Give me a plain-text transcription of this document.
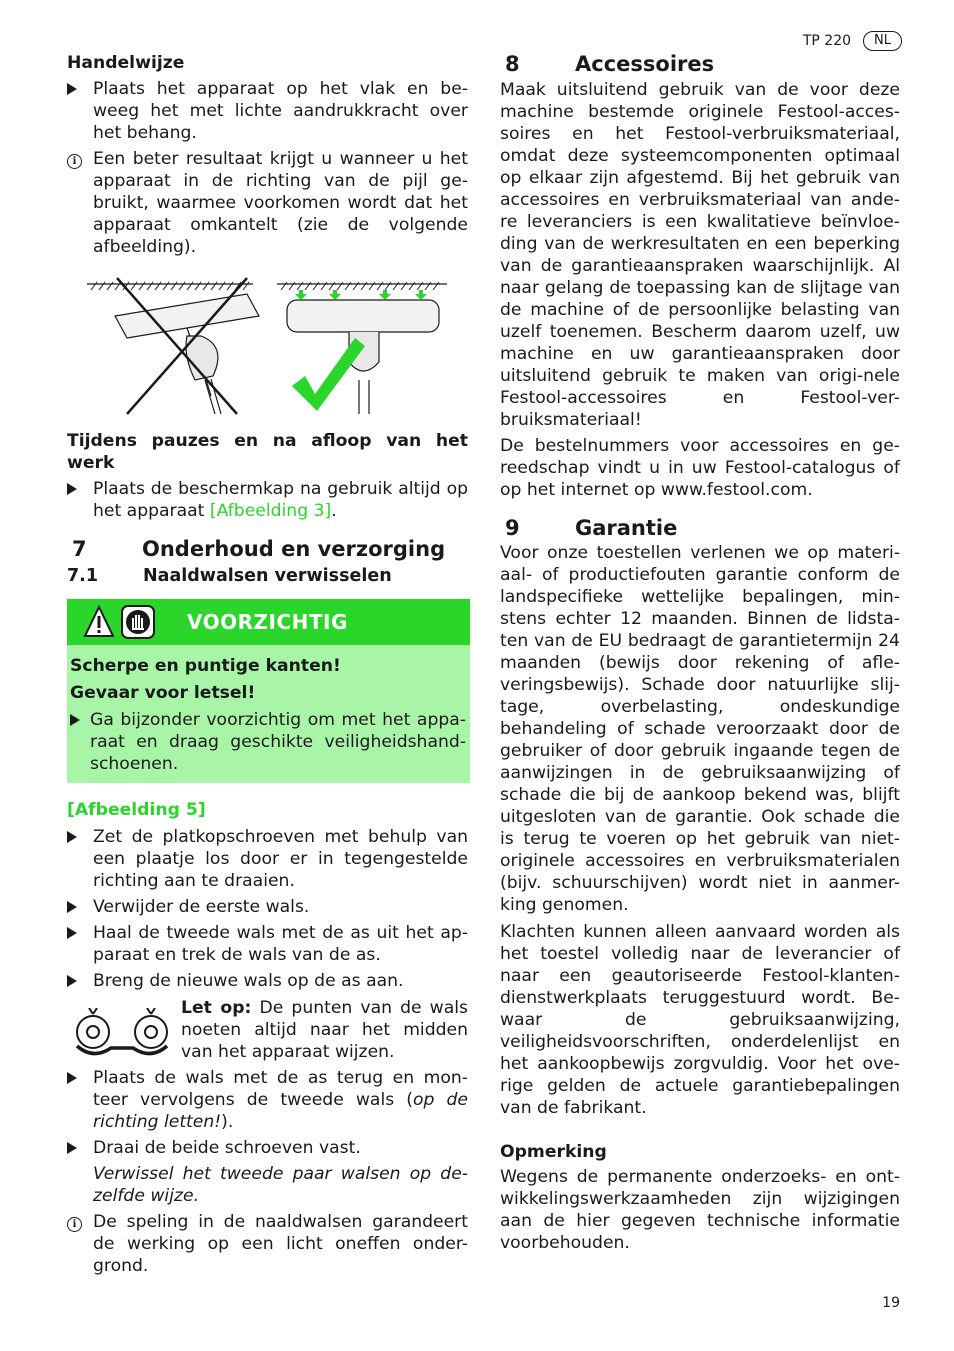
TP 220	NL
Handelwijze
Plaats het apparaat op het vlak en be-weeg het met lichte aandrukkracht over het behang.
i Een beter resultaat krijgt u wanneer u het apparaat in de richting van de pijl ge-bruikt, waarmee voorkomen wordt dat het apparaat omkantelt (zie de volgende afbeelding).

Tijdens pauzes en na afloop van het werk

Plaats de beschermkap na gebruik altijd op het apparaat [Afbeelding 3].
7	Onderhoud en verzorging
7.1	Naaldwalsen verwisselen
VOORZICHTIG
Scherpe en puntige kanten!
Gevaar voor letsel!
Ga bijzonder voorzichtig om met het appa-raat en draag geschikte veiligheidshand-schoenen.
[Afbeelding 5]
Zet de platkopschroeven met behulp van een plaatje los door er in tegengestelde richting aan te draaien.
Verwijder de eerste wals.
Haal de tweede wals met de as uit het ap-paraat en trek de wals van de as.
Breng de nieuwe wals op de as aan.

Let op: De punten van de wals noeten altijd naar het midden van het apparaat wijzen.

Plaats de wals met de as terug en mon-teer vervolgens de tweede wals (op de richting letten!).
Draai de beide schroeven vast.

Verwissel het tweede paar walsen op de-zelfde wijze.

i De speling in de naaldwalsen garandeert de werking op een licht oneffen onder-grond.
8	Accessoires

Maak uitsluitend gebruik van de voor deze machine bestemde originele Festool-acces-soires en het Festool-verbruiksmateriaal, omdat deze systeemcomponenten optimaal op elkaar zijn afgestemd. Bij het gebruik van accessoires en verbruiksmateriaal van ande-re leveranciers is een kwalitatieve beïnvloe-ding van de werkresultaten en een beperking van de garantieaanspraken waarschijnlijk. Al naar gelang de toepassing kan de slijtage van de machine of de persoonlijke belasting van uzelf toenemen. Bescherm daarom uzelf, uw machine en uw garantieaanspraken door uitsluitend gebruik te maken van origi-nele Festool-accessoires en Festool-ver-bruiksmateriaal!

De bestelnummers voor accessoires en ge-reedschap vindt u in uw Festool-catalogus of op het internet op www.festool.com.

9	Garantie

Voor onze toestellen verlenen we op materi-aal- of productiefouten garantie conform de landspecifieke wettelijke bepalingen, min-stens echter 12 maanden. Binnen de lidsta-ten van de EU bedraagt de garantietermijn 24 maanden (bewijs door rekening of afle-veringsbewijs). Schade door natuurlijke slij-tage, overbelasting, ondeskundige behandeling of schade veroorzaakt door de gebruiker of door gebruik ingaande tegen de aanwijzingen in de gebruiksaanwijzing of schade die bij de aankoop bekend was, blijft uitgesloten van de garantie. Ook schade die is terug te voeren op het gebruik van niet-originele accessoires en verbruiksmaterialen (bijv. schuurschijven) wordt niet in aanmer-king genomen.

Klachten kunnen alleen aanvaard worden als het toestel volledig naar de leverancier of naar een geautoriseerde Festool-klanten-dienstwerkplaats teruggestuurd wordt. Be-waar de gebruiksaanwijzing, veiligheidsvoorschriften, onderdelenlijst en het aankoopbewijs zorgvuldig. Voor het ove-rige gelden de actuele garantiebepalingen van de fabrikant.

Opmerking

Wegens de permanente onderzoeks- en ont-wikkelingswerkzaamheden zijn wijzigingen aan de hier gegeven technische informatie voorbehouden.

19
